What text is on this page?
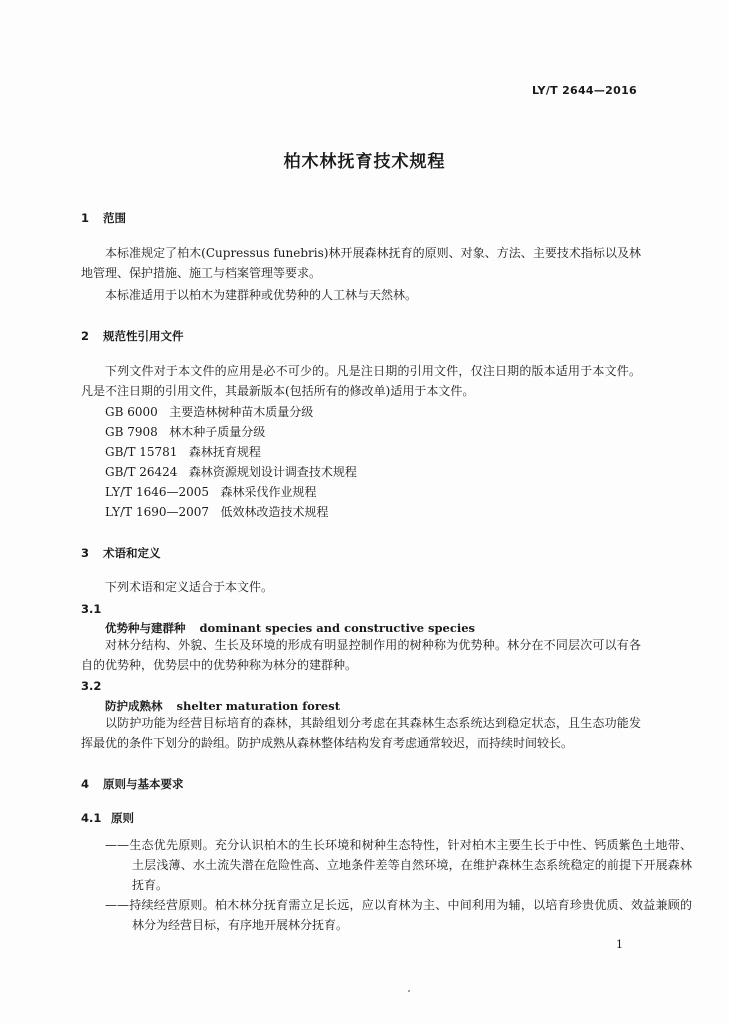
LY/T 2644—2016
柏木林抚育技术规程
1 范围

本标准规定了柏木(Cupressus funebris)林开展森林抚育的原则、对象、方法、主要技术指标以及林地管理、保护措施、施工与档案管理等要求。

本标准适用于以柏木为建群种或优势种的人工林与天然林。

2 规范性引用文件

下列文件对于本文件的应用是必不可少的。凡是注日期的引用文件，仅注日期的版本适用于本文件。凡是不注日期的引用文件，其最新版本(包括所有的修改单)适用于本文件。

GB 6000   主要造林树种苗木质量分级
GB 7908   林木种子质量分级
GB/T 15781   森林抚育规程
GB/T 26424   森林资源规划设计调查技术规程
LY/T 1646—2005   森林采伐作业规程
LY/T 1690—2007   低效林改造技术规程
3 术语和定义
下列术语和定义适合于本文件。
3.1
优势种与建群种 dominant species and constructive species

对林分结构、外貌、生长及环境的形成有明显控制作用的树种称为优势种。林分在不同层次可以有各自的优势种，优势层中的优势种称为林分的建群种。

3.2
防护成熟林 shelter maturation forest

以防护功能为经营目标培育的森林，其龄组划分考虑在其森林生态系统达到稳定状态，且生态功能发挥最优的条件下划分的龄组。防护成熟从森林整体结构发育考虑通常较迟，而持续时间较长。

4 原则与基本要求
4.1 原则

——生态优先原则。充分认识柏木的生长环境和树种生态特性，针对柏木主要生长于中性、钙质紫色土地带、土层浅薄、水土流失潜在危险性高、立地条件差等自然环境，在维护森林生态系统稳定的前提下开展森林抚育。

——持续经营原则。柏木林分抚育需立足长远，应以育林为主、中间利用为辅，以培育珍贵优质、效益兼顾的林分为经营目标，有序地开展林分抚育。

1
